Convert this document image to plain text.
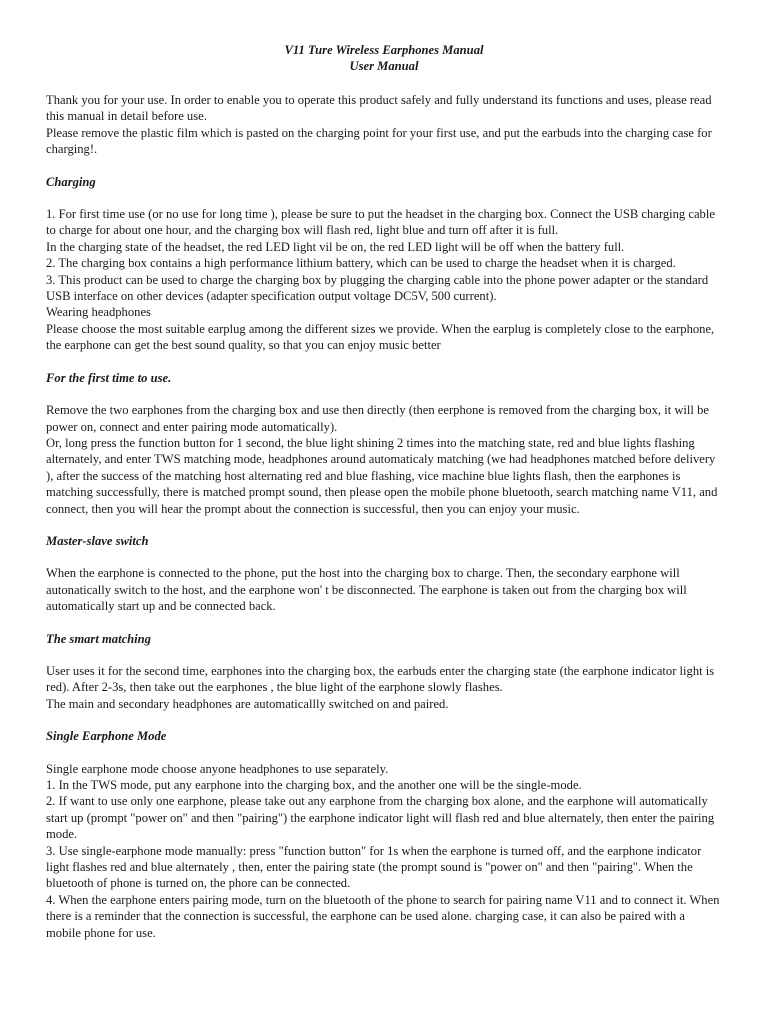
V11 Ture Wireless Earphones Manual

User Manual

Thank you for your use. In order to enable you to operate this product safely and fully understand its functions and uses, please read this manual in detail before use.

Please remove the plastic film which is pasted on the charging point for your first use, and put the earbuds into the charging case for charging!.

Charging

1. For first time use (or no use for long time ), please be sure to put the headset in the charging box. Connect the USB charging cable to charge for about one hour, and the charging box will flash red, light blue and turn off after it is full.

In the charging state of the headset, the red LED light vil be on, the red LED light will be off when the battery full.

2. The charging box contains a high performance lithium battery, which can be used to charge the headset when it is charged.

3. This product can be used to charge the charging box by plugging the charging cable into the phone power adapter or the standard USB interface on other devices (adapter specification output voltage DC5V, 500 current).

Wearing headphones

Please choose the most suitable earplug among the different sizes we provide. When the earplug is completely close to the earphone, the earphone can get the best sound quality, so that you can enjoy music better

For the first time to use.

Remove the two earphones from the charging box and use then directly (then eerphone is removed from the charging box, it will be power on, connect and enter pairing mode automatically).

Or, long press the function button for 1 second, the blue light shining 2 times into the matching state, red and blue lights flashing alternately, and enter TWS matching mode, headphones around automaticaly matching (we had headphones matched before delivery ), after the success of the matching host alternating red and blue flashing, vice machine blue lights flash, then the earphones is matching successfully, there is matched prompt sound, then please open the mobile phone bluetooth, search matching name V11, and connect, then you will hear the prompt about the connection is successful, then you can enjoy your music.

Master-slave switch

When the earphone is connected to the phone, put the host into the charging box to charge. Then, the secondary earphone will autonatically switch to the host, and the earphone won' t be disconnected. The earphone is taken out from the charging box will automatically start up and be connected back.

The smart matching

User uses it for the second time, earphones into the charging box, the earbuds enter the charging state (the earphone indicator light is red). After 2-3s, then take out the earphones , the blue light of the earphone slowly flashes.

The main and secondary headphones are automaticallly switched on and paired.

Single Earphone Mode

Single earphone mode choose anyone headphones to use separately.

1. In the TWS mode, put any earphone into the charging box, and the another one will be the single-mode.

2. If want to use only one earphone, please take out any earphone from the charging box alone, and the earphone will automatically start up (prompt "power on" and then "pairing") the earphone indicator light will flash red and blue alternately, then enter the pairing mode.

3. Use single-earphone mode manually: press "function button" for 1s when the earphone is turned off, and the earphone indicator light flashes red and blue alternately , then, enter the pairing state (the prompt sound is "power on" and then "pairing". When the bluetooth of phone is turned on, the phore can be connected.

4. When the earphone enters pairing mode, turn on the bluetooth of the phone to search for pairing name V11 and to connect it. When there is a reminder that the connection is successful, the earphone can be used alone. charging case, it can also be paired with a mobile phone for use.
